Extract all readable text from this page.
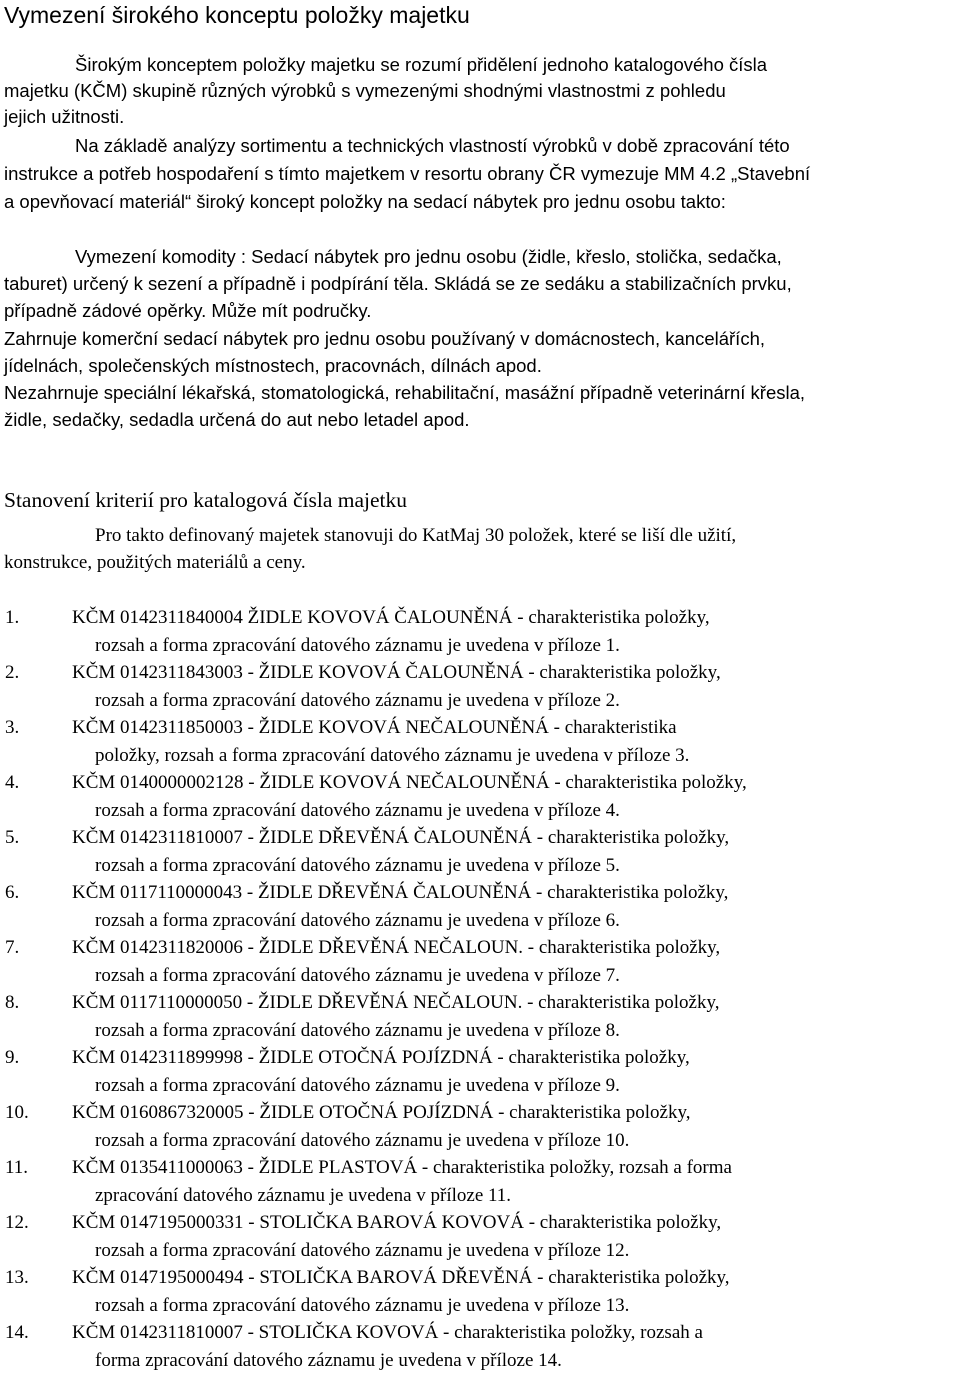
Vymezení širokého konceptu položky majetku
Širokým konceptem položky majetku se rozumí přidělení jednoho katalogového čísla
majetku (KČM) skupině různých výrobků s vymezenými shodnými vlastnostmi z pohledu
jejich užitnosti.
Na základě analýzy sortimentu a technických vlastností výrobků v době zpracování této
instrukce a potřeb hospodaření s tímto majetkem v resortu obrany ČR vymezuje MM 4.2 „Stavební
a opevňovací materiál“ široký koncept položky na sedací nábytek pro jednu osobu takto:
Vymezení komodity : Sedací nábytek pro jednu osobu (židle, křeslo, stolička, sedačka,
taburet) určený k sezení a případně i podpírání těla. Skládá se ze sedáku a stabilizačních prvku,
případně zádové opěrky. Může mít područky.
Zahrnuje komerční sedací nábytek pro jednu osobu používaný v domácnostech, kancelářích,
jídelnách, společenských místnostech, pracovnách, dílnách apod.
Nezahrnuje speciální lékařská, stomatologická, rehabilitační, masážní případně veterinární křesla,
židle, sedačky, sedadla určená do aut nebo letadel apod.
Stanovení kriterií pro katalogová čísla majetku
Pro takto definovaný majetek stanovuji do KatMaj 30 položek, které se liší dle užití,
konstrukce, použitých materiálů a ceny.
1.	KČM 0142311840004 ŽIDLE KOVOVÁ ČALOUNĚNÁ - charakteristika položky,
rozsah a forma zpracování datového záznamu je uvedena v příloze 1.
2.	KČM 0142311843003 - ŽIDLE KOVOVÁ ČALOUNĚNÁ - charakteristika položky,
rozsah a forma zpracování datového záznamu je uvedena v příloze 2.
3.	KČM 0142311850003 - ŽIDLE KOVOVÁ NEČALOUNĚNÁ - charakteristika
položky, rozsah a forma zpracování datového záznamu je uvedena v příloze 3.
4.	KČM 0140000002128 - ŽIDLE KOVOVÁ NEČALOUNĚNÁ - charakteristika položky,
rozsah a forma zpracování datového záznamu je uvedena v příloze 4.
5.	KČM 0142311810007 - ŽIDLE DŘEVĚNÁ ČALOUNĚNÁ - charakteristika položky,
rozsah a forma zpracování datového záznamu je uvedena v příloze 5.
6.	KČM 0117110000043 - ŽIDLE DŘEVĚNÁ ČALOUNĚNÁ - charakteristika položky,
rozsah a forma zpracování datového záznamu je uvedena v příloze 6.
7.	KČM 0142311820006 - ŽIDLE DŘEVĚNÁ NEČALOUN. - charakteristika položky,
rozsah a forma zpracování datového záznamu je uvedena v příloze 7.
8.	KČM 0117110000050 - ŽIDLE DŘEVĚNÁ NEČALOUN. - charakteristika položky,
rozsah a forma zpracování datového záznamu je uvedena v příloze 8.
9.	KČM 0142311899998 - ŽIDLE OTOČNÁ POJÍZDNÁ - charakteristika položky,
rozsah a forma zpracování datového záznamu je uvedena v příloze 9.
10. KČM 0160867320005 - ŽIDLE OTOČNÁ POJÍZDNÁ - charakteristika položky,
rozsah a forma zpracování datového záznamu je uvedena v příloze 10.
11. KČM 0135411000063 - ŽIDLE PLASTOVÁ - charakteristika položky, rozsah a forma
zpracování datového záznamu je uvedena v příloze 11.
12. KČM 0147195000331 - STOLIČKA BAROVÁ KOVOVÁ - charakteristika položky,
rozsah a forma zpracování datového záznamu je uvedena v příloze 12.
13. KČM 0147195000494 - STOLIČKA BAROVÁ DŘEVĚNÁ - charakteristika položky,
rozsah a forma zpracování datového záznamu je uvedena v příloze 13.
14. KČM 0142311810007 - STOLIČKA KOVOVÁ - charakteristika položky, rozsah a
forma zpracování datového záznamu je uvedena v příloze 14.
